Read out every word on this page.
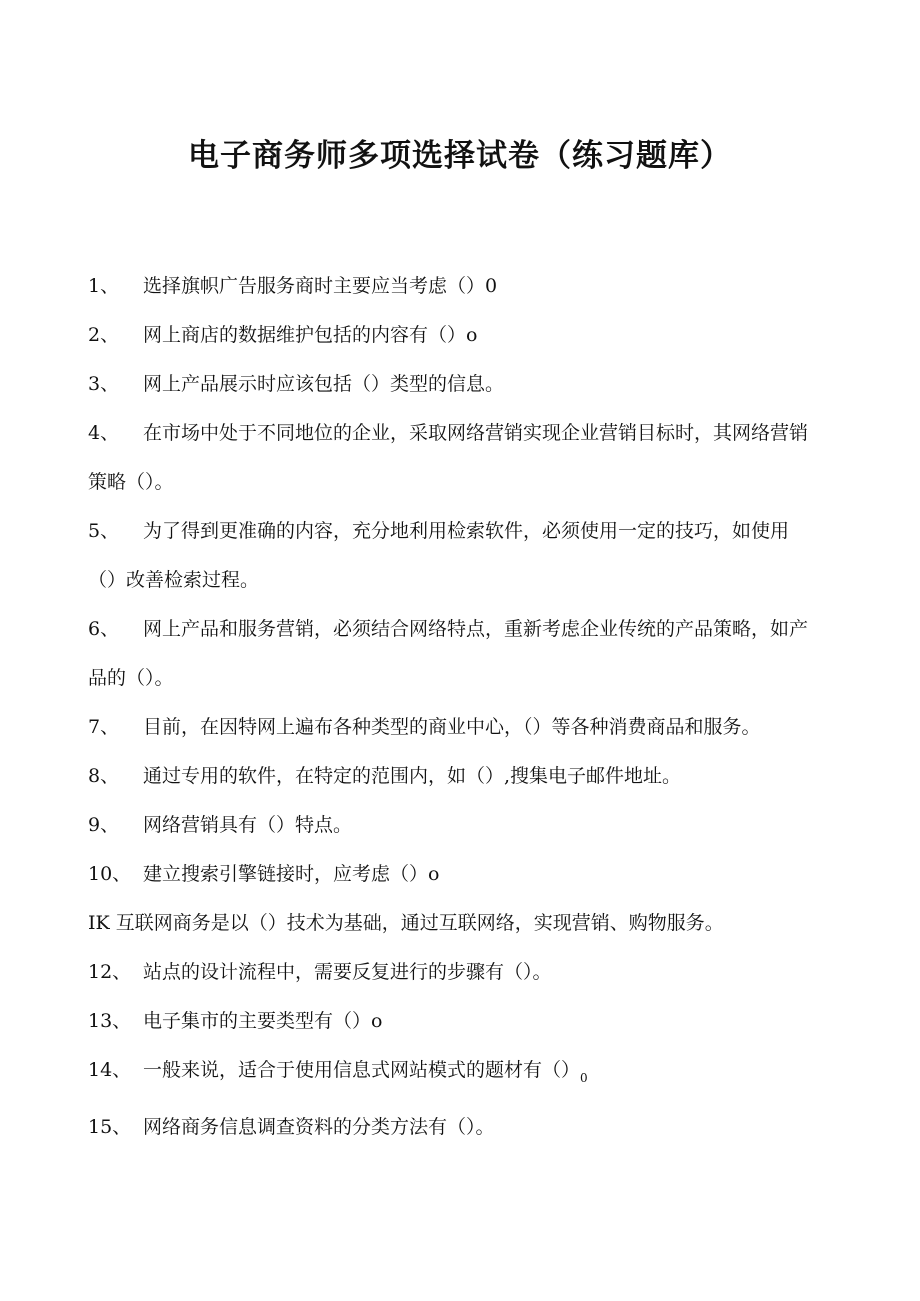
电子商务师多项选择试卷（练习题库）
1、 选择旗帜广告服务商时主要应当考虑（）0
2、 网上商店的数据维护包括的内容有（）o
3、 网上产品展示时应该包括（）类型的信息。
4、 在市场中处于不同地位的企业，采取网络营销实现企业营销目标时，其网络营销策略（）。
5、 为了得到更准确的内容，充分地利用检索软件，必须使用一定的技巧，如使用（）改善检索过程。
6、 网上产品和服务营销，必须结合网络特点，重新考虑企业传统的产品策略，如产品的（）。
7、 目前，在因特网上遍布各种类型的商业中心，（）等各种消费商品和服务。
8、 通过专用的软件，在特定的范围内，如（）,搜集电子邮件地址。
9、 网络营销具有（）特点。
10、 建立搜索引擎链接时，应考虑（）o
IK 互联网商务是以（）技术为基础，通过互联网络，实现营销、购物服务。
12、 站点的设计流程中，需要反复进行的步骤有（）。
13、 电子集市的主要类型有（）o
14、 一般来说，适合于使用信息式网站模式的题材有$()_0$
15、 网络商务信息调查资料的分类方法有（）。
